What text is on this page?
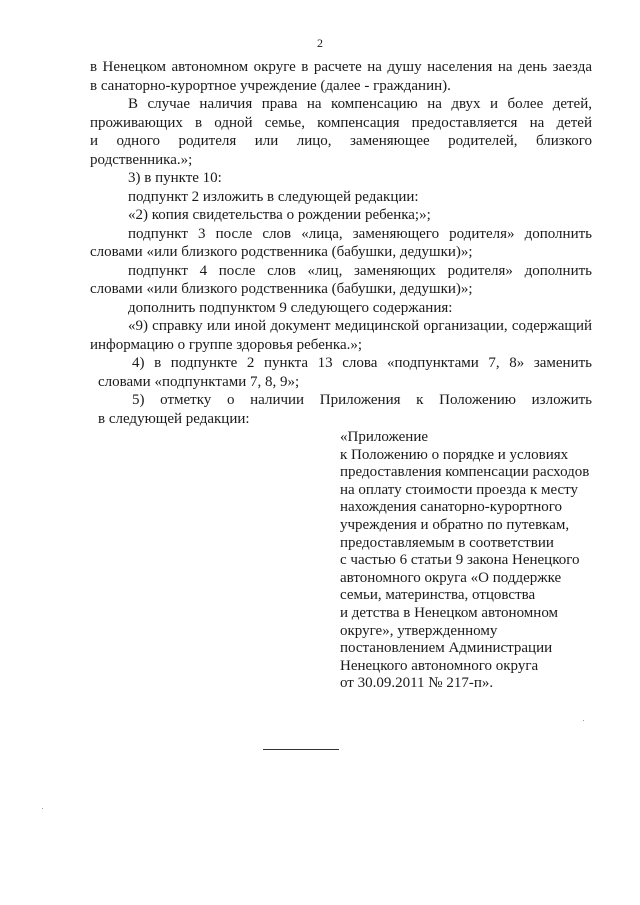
2
в Ненецком автономном округе в расчете на душу населения на день заезда
в санаторно-курортное учреждение (далее - гражданин).
В случае наличия права на компенсацию на двух и более детей,
проживающих в одной семье, компенсация предоставляется на детей
и одного родителя или лицо, заменяющее родителей, близкого
родственника.»;
3) в пункте 10:
подпункт 2 изложить в следующей редакции:
«2) копия свидетельства о рождении ребенка;»;
подпункт 3 после слов «лица, заменяющего родителя» дополнить
словами «или близкого родственника (бабушки, дедушки)»;
подпункт 4 после слов «лиц, заменяющих родителя» дополнить
словами «или близкого родственника (бабушки, дедушки)»;
дополнить подпунктом 9 следующего содержания:
«9) справку или иной документ медицинской организации, содержащий
информацию о группе здоровья ребенка.»;
4) в подпункте 2 пункта 13 слова «подпунктами 7, 8» заменить
словами «подпунктами 7, 8, 9»;
5) отметку о наличии Приложения к Положению изложить
в следующей редакции:
«Приложение
к Положению о порядке и условиях
предоставления компенсации расходов
на оплату стоимости проезда к месту
нахождения санаторно-курортного
учреждения и обратно по путевкам,
предоставляемым в соответствии
с частью 6 статьи 9 закона Ненецкого
автономного округа «О поддержке
семьи, материнства, отцовства
и детства в Ненецком автономном
округе», утвержденному
постановлением Администрации
Ненецкого автономного округа
от 30.09.2011 № 217-п».
